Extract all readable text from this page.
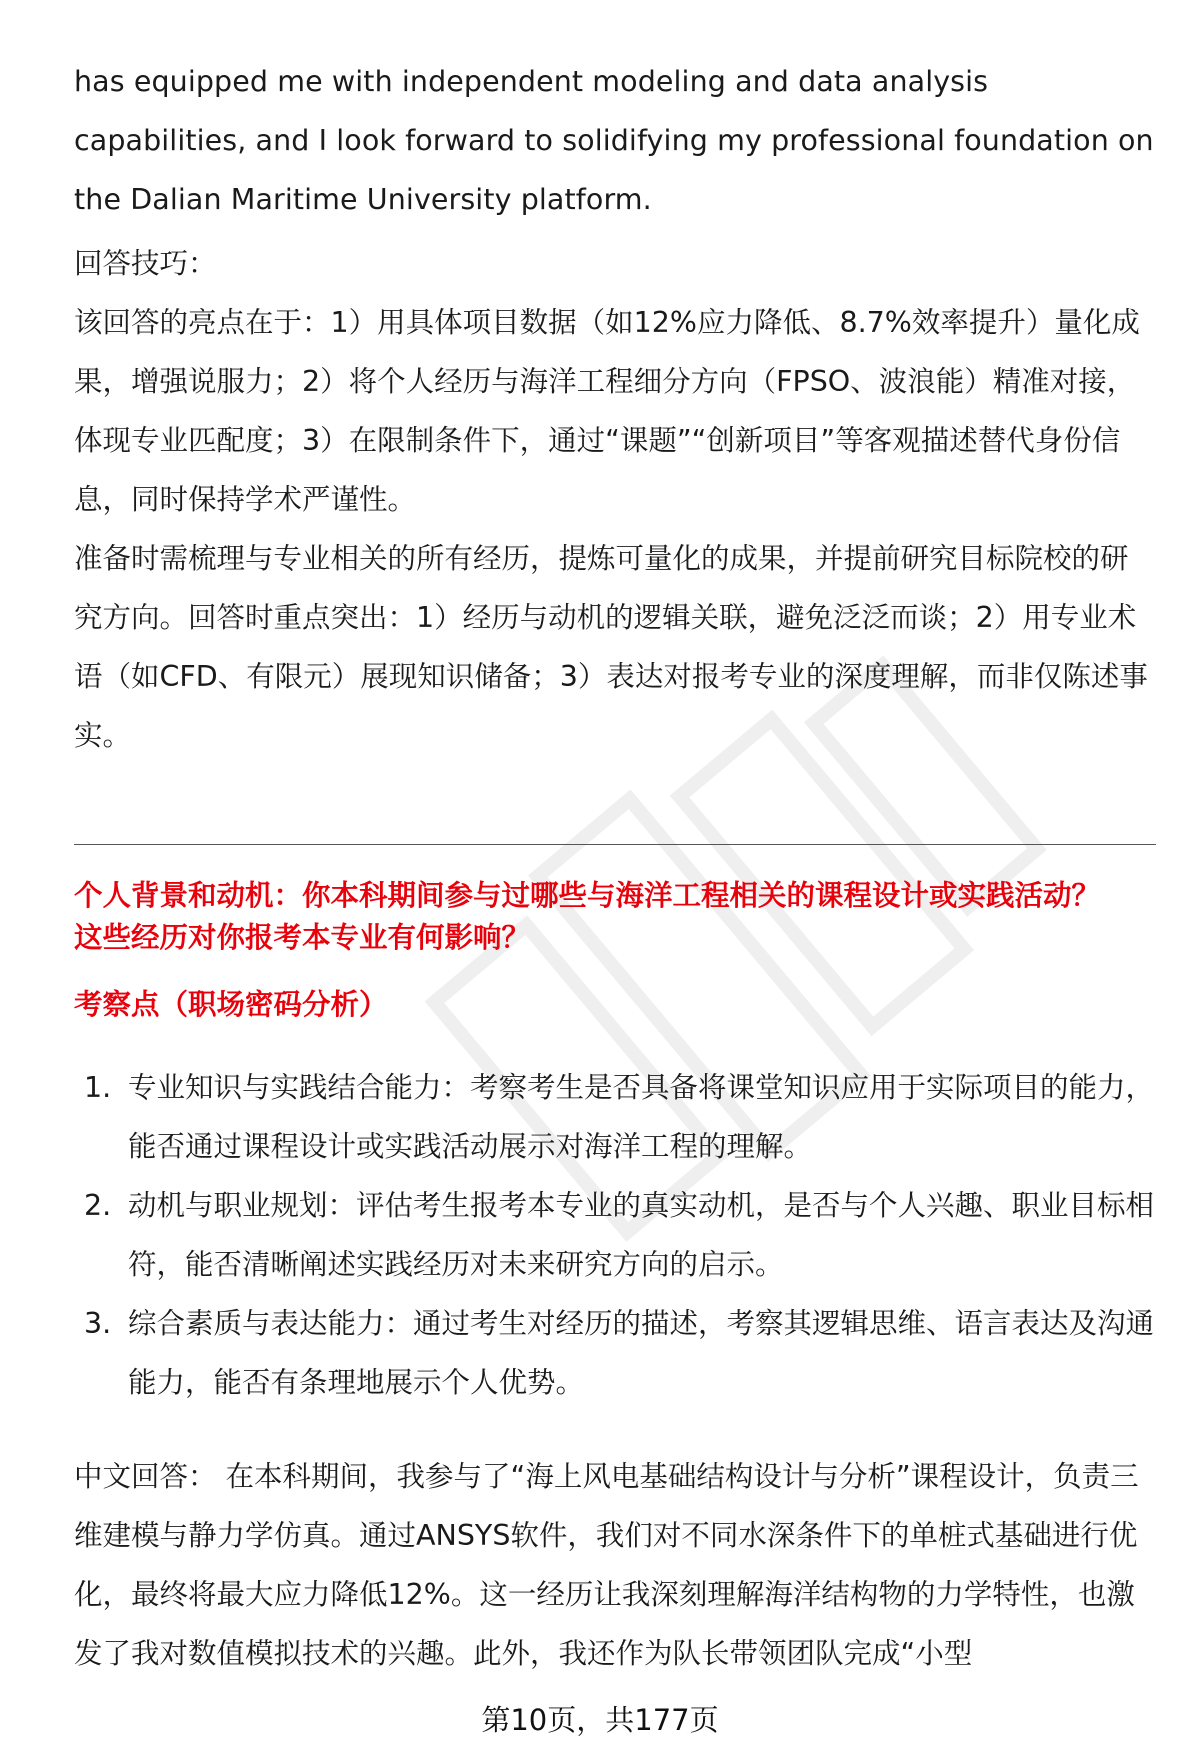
has equipped me with independent modeling and data analysis capabilities, and I look forward to solidifying my professional foundation on the Dalian Maritime University platform.

回答技巧：

该回答的亮点在于：1）用具体项目数据（如12%应力降低、8.7%效率提升）量化成果，增强说服力；2）将个人经历与海洋工程细分方向（FPSO、波浪能）精准对接，体现专业匹配度；3）在限制条件下，通过“课题”“创新项目”等客观描述替代身份信息，同时保持学术严谨性。

准备时需梳理与专业相关的所有经历，提炼可量化的成果，并提前研究目标院校的研究方向。回答时重点突出：1）经历与动机的逻辑关联，避免泛泛而谈；2）用专业术语（如CFD、有限元）展现知识储备；3）表达对报考专业的深度理解，而非仅陈述事实。

个人背景和动机：你本科期间参与过哪些与海洋工程相关的课程设计或实践活动？

这些经历对你报考本专业有何影响？

考察点（职场密码分析）

1. 专业知识与实践结合能力：考察考生是否具备将课堂知识应用于实际项目的能力，能否通过课程设计或实践活动展示对海洋工程的理解。
2. 动机与职业规划：评估考生报考本专业的真实动机，是否与个人兴趣、职业目标相符，能否清晰阐述实践经历对未来研究方向的启示。
3. 综合素质与表达能力：通过考生对经历的描述，考察其逻辑思维、语言表达及沟通能力，能否有条理地展示个人优势。

中文回答： 在本科期间，我参与了“海上风电基础结构设计与分析”课程设计，负责三维建模与静力学仿真。通过ANSYS软件，我们对不同水深条件下的单桩式基础进行优化，最终将最大应力降低12%。这一经历让我深刻理解海洋结构物的力学特性，也激发了我对数值模拟技术的兴趣。此外，我还作为队长带领团队完成“小型

第10页，共177页
